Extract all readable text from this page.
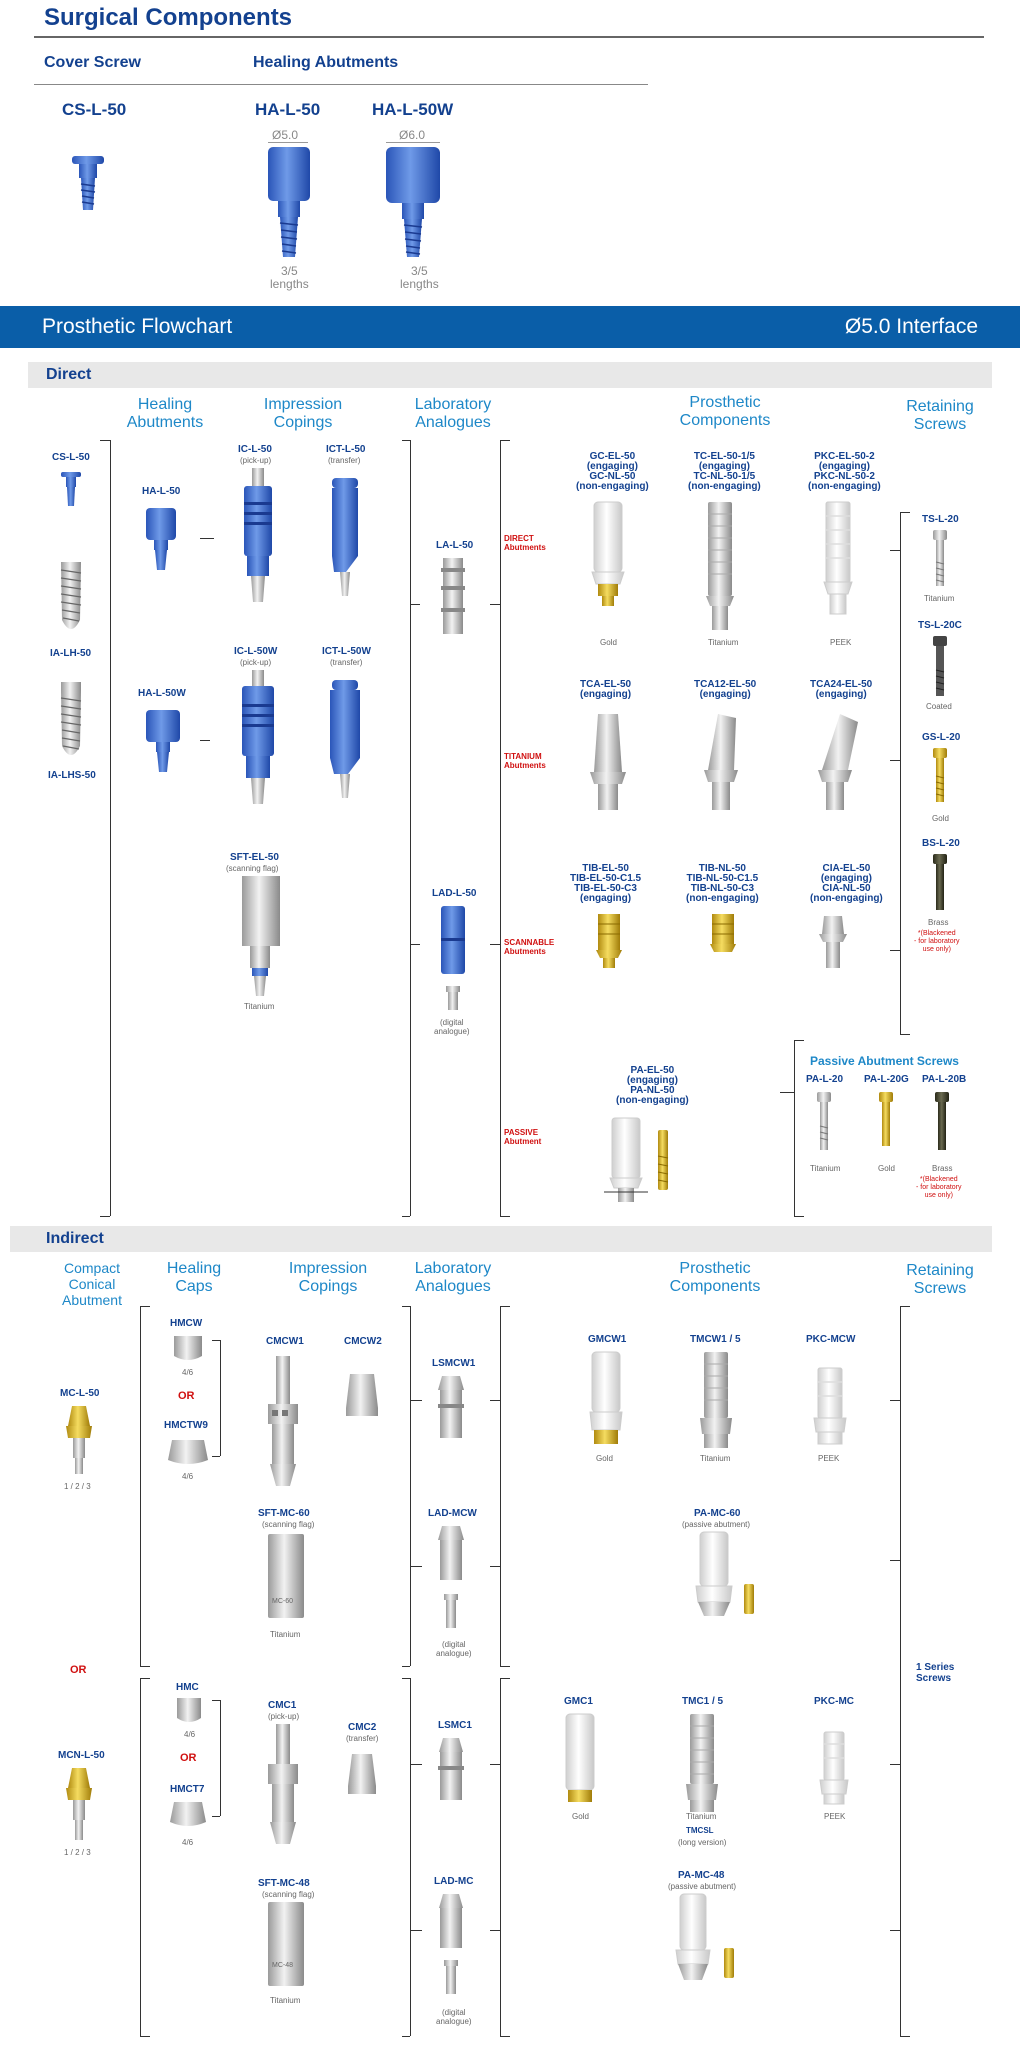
Surgical Components
Cover Screw	Healing Abutments
CS-L-50	HA-L-50
Ø5.0
3/5
lengths
HA-L-50W
Ø6.0
3/5
lengths
Prosthetic Flowchart	Ø5.0 Interface
Direct
Healing
Abutments
Impression
Copings
Laboratory
Analogues
Prosthetic
Components
Retaining
Screws
CS-L-50
IA-LH-50
IA-LHS-50
HA-L-50
HA-L-50W
IC-L-50
(pick-up)
ICT-L-50
(transfer)
IC-L-50W
(pick-up)
ICT-L-50W
(transfer)
SFT-EL-50
(scanning flag)
Titanium
LA-L-50
LAD-L-50
(digital
analogue)
DIRECT
Abutments
TITANIUM
Abutments
SCANNABLE
Abutments
PASSIVE
Abutment
GC-EL-50
(engaging)
GC-NL-50
(non-engaging)
Gold
TC-EL-50-1/5
(engaging)
TC-NL-50-1/5
(non-engaging)
Titanium
PKC-EL-50-2
(engaging)
PKC-NL-50-2
(non-engaging)
PEEK
TCA-EL-50
(engaging)
TCA12-EL-50
(engaging)
TCA24-EL-50
(engaging)
TIB-EL-50
TIB-EL-50-C1.5
TIB-EL-50-C3
(engaging)
TIB-NL-50
TIB-NL-50-C1.5
TIB-NL-50-C3
(non-engaging)
CIA-EL-50
(engaging)
CIA-NL-50
(non-engaging)
PA-EL-50
(engaging)
PA-NL-50
(non-engaging)
TS-L-20
Titanium
TS-L-20C
Coated
GS-L-20
Gold
BS-L-20
Brass
*(Blackened
- for laboratory
use only)
Passive Abutment Screws
PA-L-20
Titanium
PA-L-20G
Gold
PA-L-20B
Brass
*(Blackened
- for laboratory
use only)
Indirect
Compact
Conical
Abutment
Healing
Caps
Impression
Copings
Laboratory
Analogues
Prosthetic
Components
Retaining
Screws
MC-L-50
1 / 2 / 3
OR
MCN-L-50
1 / 2 / 3
HMCW
4/6
OR
HMCTW9
4/6
HMC
4/6
OR
HMCT7
4/6
CMCW1	CMCW2
SFT-MC-60
(scanning flag)
MC-60
Titanium
CMC1
(pick-up)
CMC2
(transfer)
SFT-MC-48
(scanning flag)
MC-48
Titanium
LSMCW1
LAD-MCW
(digital
analogue)
LSMC1
LAD-MC
(digital
analogue)
GMCW1
Gold
TMCW1 / 5
Titanium
PKC-MCW
PEEK
PA-MC-60
(passive abutment)
GMC1
Gold
TMC1 / 5
Titanium
TMCSL
(long version)
PKC-MC
PEEK
PA-MC-48
(passive abutment)
1 Series
Screws
